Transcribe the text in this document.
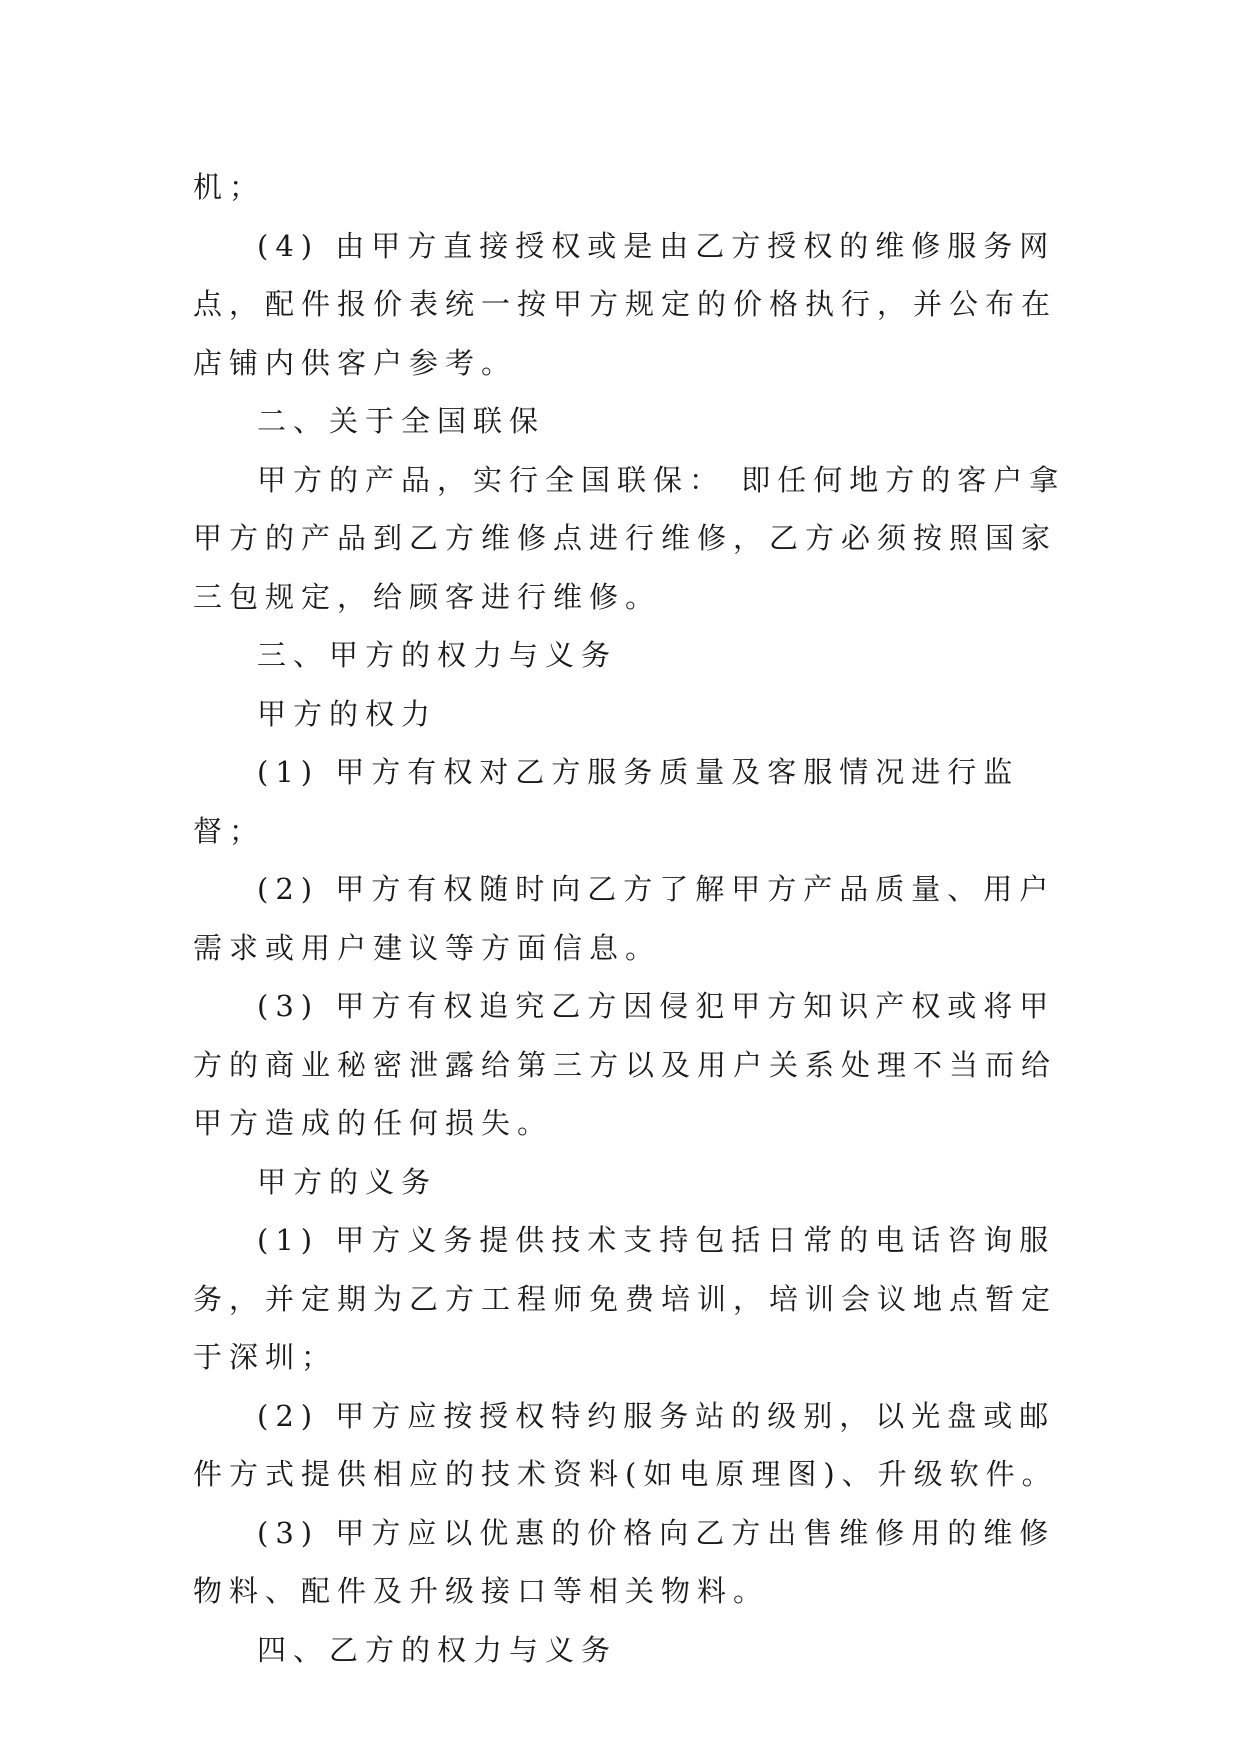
机；

(4) 由甲方直接授权或是由乙方授权的维修服务网点，配件报价表统一按甲方规定的价格执行，并公布在店铺内供客户参考。

二、关于全国联保

甲方的产品，实行全国联保： 即任何地方的客户拿甲方的产品到乙方维修点进行维修，乙方必须按照国家三包规定，给顾客进行维修。

三、甲方的权力与义务

甲方的权力

(1) 甲方有权对乙方服务质量及客服情况进行监督；

(2) 甲方有权随时向乙方了解甲方产品质量、用户需求或用户建议等方面信息。

(3) 甲方有权追究乙方因侵犯甲方知识产权或将甲方的商业秘密泄露给第三方以及用户关系处理不当而给甲方造成的任何损失。

甲方的义务

(1) 甲方义务提供技术支持包括日常的电话咨询服务，并定期为乙方工程师免费培训，培训会议地点暂定于深圳；

(2) 甲方应按授权特约服务站的级别，以光盘或邮件方式提供相应的技术资料(如电原理图)、升级软件。

(3) 甲方应以优惠的价格向乙方出售维修用的维修物料、配件及升级接口等相关物料。

四、乙方的权力与义务
